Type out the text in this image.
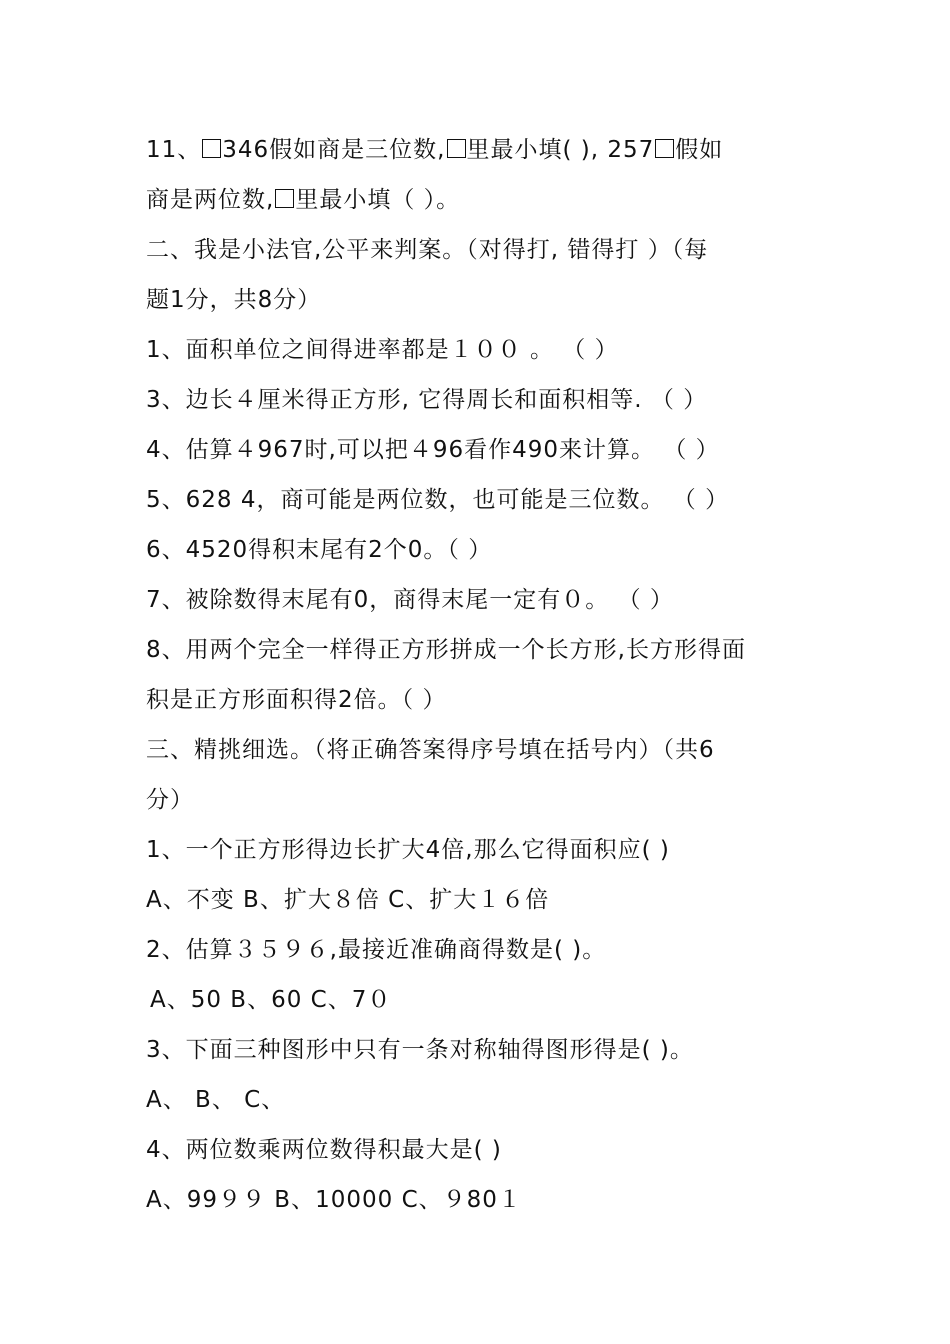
11、 346假如商是三位数, 里最小填( ), 257 假如
商是两位数, 里最小填（ ）。
二、我是小法官,公平来判案。（对得打, 错得打 ）（每
题1分，共8分）
1、面积单位之间得进率都是１００ 。 （ ）
3、边长４厘米得正方形, 它得周长和面积相等. （ ）
4、估算４967时,可以把４96看作490来计算。 （ ）
5、628 4，商可能是两位数，也可能是三位数。 （ ）
6、4520得积末尾有2个0。（ ）
7、被除数得末尾有0，商得末尾一定有０。 （ ）
8、用两个完全一样得正方形拼成一个长方形,长方形得面
积是正方形面积得2倍。（ ）
三、精挑细选。（将正确答案得序号填在括号内）（共6
分）
1、一个正方形得边长扩大4倍,那么它得面积应( )
A、不变 B、扩大８倍 C、扩大１６倍
2、估算３５９６,最接近准确商得数是( )。
A、50 B、60 C、7０
3、下面三种图形中只有一条对称轴得图形得是( )。
A、 B、 C、
4、两位数乘两位数得积最大是( )
A、99９９ B、10000 C、９80１
